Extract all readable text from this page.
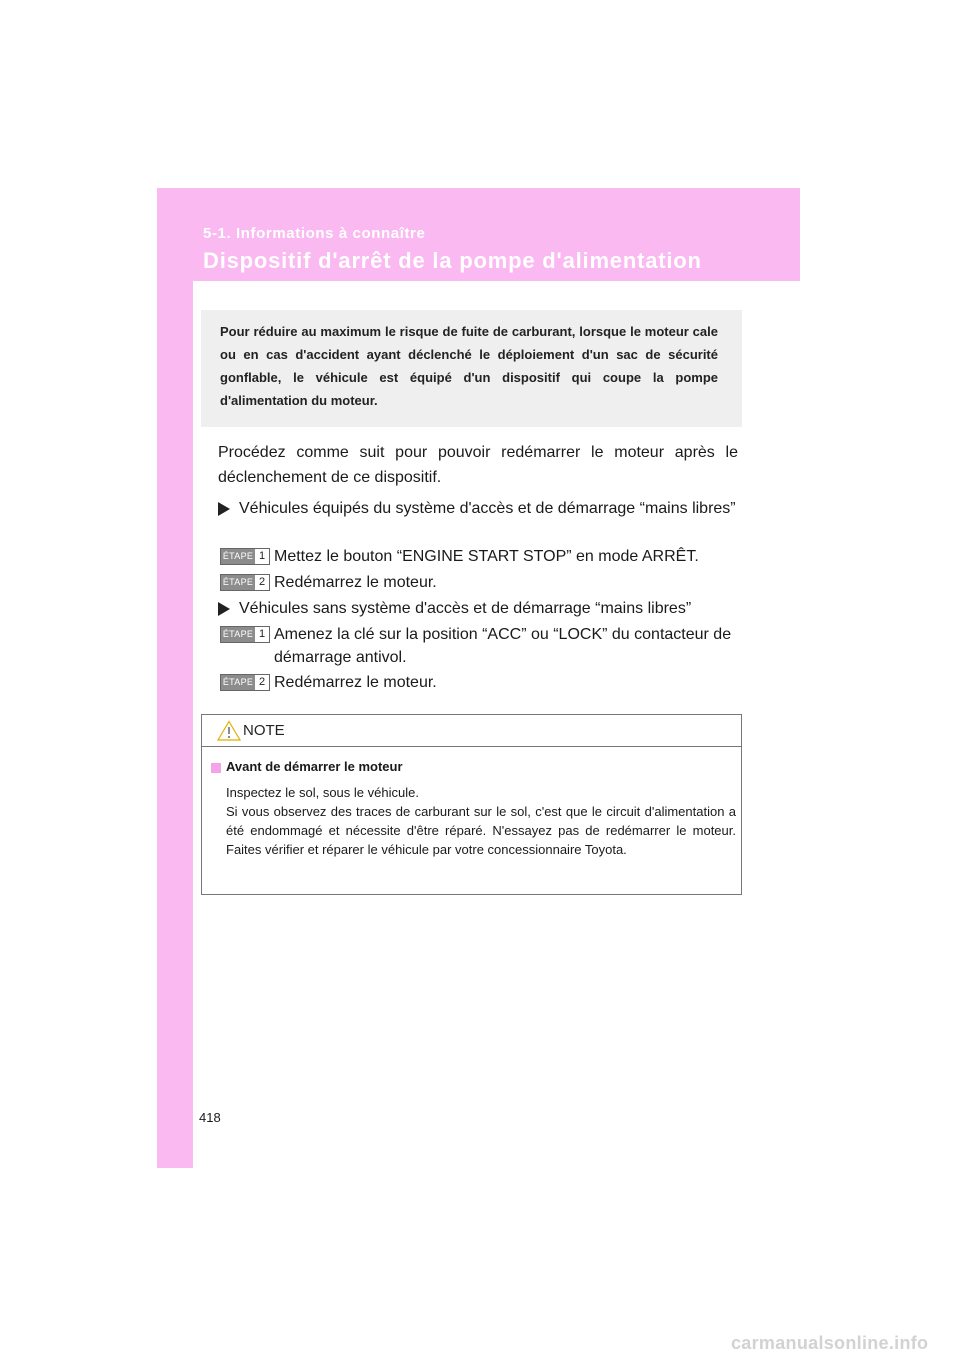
5-1. Informations à connaître
Dispositif d'arrêt de la pompe d'alimentation
Pour réduire au maximum le risque de fuite de carburant, lorsque le moteur cale ou en cas d'accident ayant déclenché le déploiement d'un sac de sécurité gonflable, le véhicule est équipé d'un dispositif qui coupe la pompe d'alimentation du moteur.
Procédez comme suit pour pouvoir redémarrer le moteur après le déclenchement de ce dispositif.
Véhicules équipés du système d'accès et de démarrage “mains libres”
ÉTAPE 1 Mettez le bouton “ENGINE START STOP” en mode ARRÊT.
ÉTAPE 2 Redémarrez le moteur.
Véhicules sans système d'accès et de démarrage “mains libres”
ÉTAPE 1 Amenez la clé sur la position “ACC” ou “LOCK” du contacteur de démarrage antivol.
ÉTAPE 2 Redémarrez le moteur.
NOTE
Avant de démarrer le moteur

Inspectez le sol, sous le véhicule.

Si vous observez des traces de carburant sur le sol, c'est que le circuit d'alimentation a été endommagé et nécessite d'être réparé. N'essayez pas de redémarrer le moteur. Faites vérifier et réparer le véhicule par votre concessionnaire Toyota.

418
carmanualsonline.info
